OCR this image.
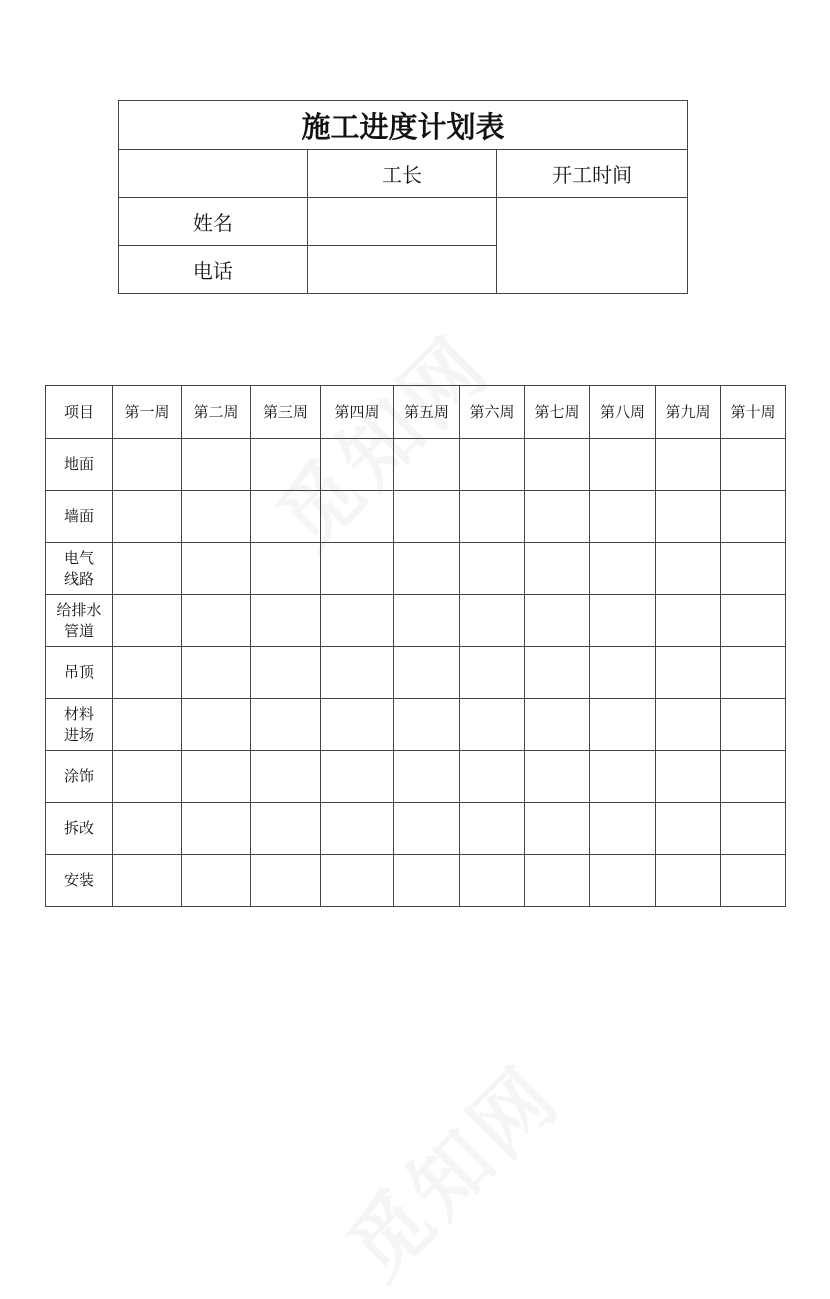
施工进度计划表		
	工长	开工时间
姓名		
电话		
项目	第一周	第二周	第三周	第四周	第五周	第六周	第七周	第八周	第九周	第十周

地面										

墙面										

电气
线路										

给排水
管道										

吊顶										

材料
进场										

涂饰										

拆改										

安装										
